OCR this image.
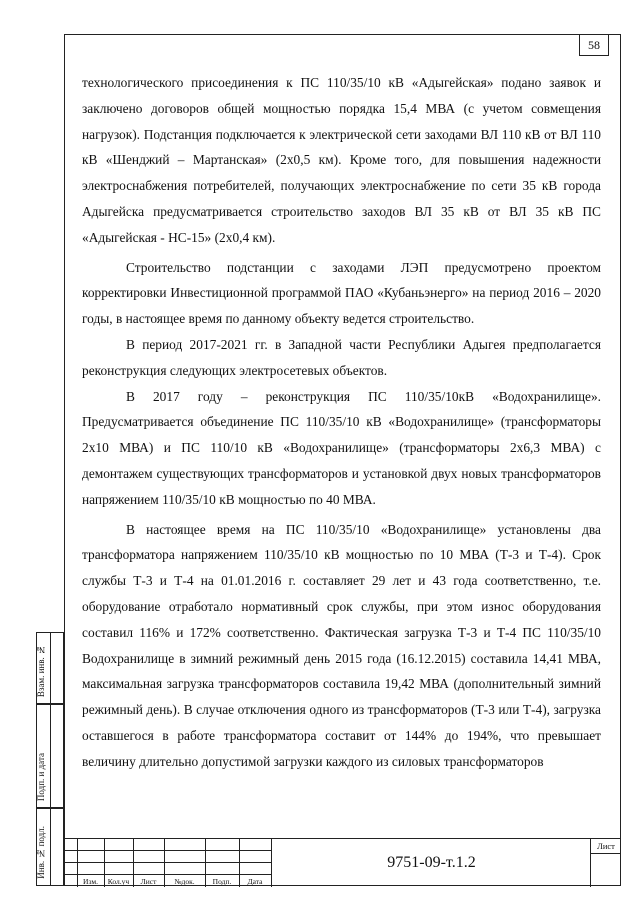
58

технологического присоединения к ПС 110/35/10 кВ «Адыгейская» подано заявок и заключено договоров общей мощностью порядка 15,4 МВА (с учетом совмещения нагрузок). Подстанция подключается к электрической сети заходами ВЛ 110 кВ от ВЛ 110 кВ «Шенджий – Мартанская» (2х0,5 км). Кроме того, для повышения надежности электроснабжения потребителей, получающих электроснабжение по сети 35 кВ города Адыгейска предусматривается строительство заходов ВЛ 35 кВ от ВЛ 35 кВ ПС «Адыгейская - НС-15» (2х0,4 км).

Строительство подстанции с заходами ЛЭП предусмотрено проектом корректировки Инвестиционной программой ПАО «Кубаньэнерго» на период 2016 – 2020 годы, в настоящее время по данному объекту ведется строительство.

В период 2017-2021 гг. в Западной части Республики Адыгея предполагается реконструкция следующих электросетевых объектов.

В 2017 году – реконструкция ПС 110/35/10кВ «Водохранилище». Предусматривается объединение ПС 110/35/10 кВ «Водохранилище» (трансформаторы 2х10 МВА) и ПС 110/10 кВ «Водохранилище» (трансформаторы 2х6,3 МВА) с демонтажем существующих трансформаторов и установкой двух новых трансформаторов напряжением 110/35/10 кВ мощностью по 40 МВА.

В настоящее время на ПС 110/35/10 «Водохранилище» установлены два трансформатора напряжением 110/35/10 кВ мощностью по 10 МВА (Т-3 и Т-4). Срок службы Т-3 и Т-4 на 01.01.2016 г. составляет 29 лет и 43 года соответственно, т.е. оборудование отработало нормативный срок службы, при этом износ оборудования составил 116% и 172% соответственно. Фактическая загрузка Т-3 и Т-4 ПС 110/35/10 Водохранилище в зимний режимный день 2015 года (16.12.2015) составила 14,41 МВА, максимальная загрузка трансформаторов составила 19,42 МВА (дополнительный зимний режимный день). В случае отключения одного из трансформаторов (Т-3 или Т-4), загрузка оставшегося в работе трансформатора составит от 144% до 194%, что превышает величину длительно допустимой загрузки каждого из силовых трансформаторов

Взам. инв. №
Подп. и дата
Инв. № подл.
Изм.	Кол.уч	Лист	№док.	Подп.	Дата
9751-09-т.1.2
Лист
